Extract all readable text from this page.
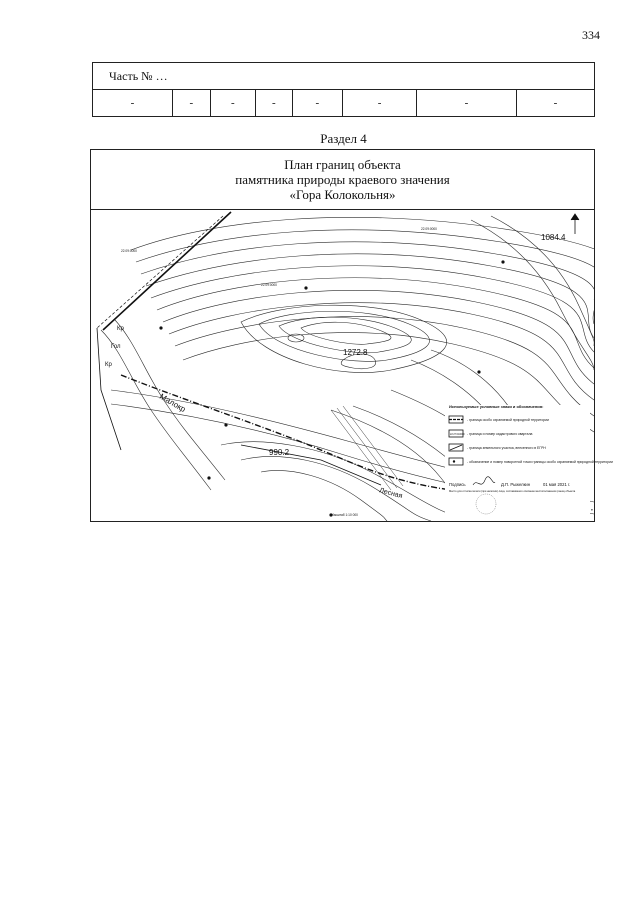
334
Часть № …
-	-	-	-	-	-	-	-
Раздел 4
План границ объекта
памятника природы краевого значения
«Гора Колокольня»
1084.4
1272.8
990.2
22.09:0000
22.09:0000
22.09:0000
Малокр
Лесная
Кр
Гол
Кр
Масштаб 1:10 000
Используемые условные знаки и обозначения:
- граница особо охраняемой природной территории
22:27:010000 - граница и номер кадастрового квартала
- граница земельного участка, внесенного в ЕГРН
- обозначение и номер поворотной точки границы особо охраняемой природной территории
Подпись	Д.П. Рыжелкин	01 мая 2021 г.
Место для оттиска печати (при наличии) лица, составившего описание местоположения границ объекта
